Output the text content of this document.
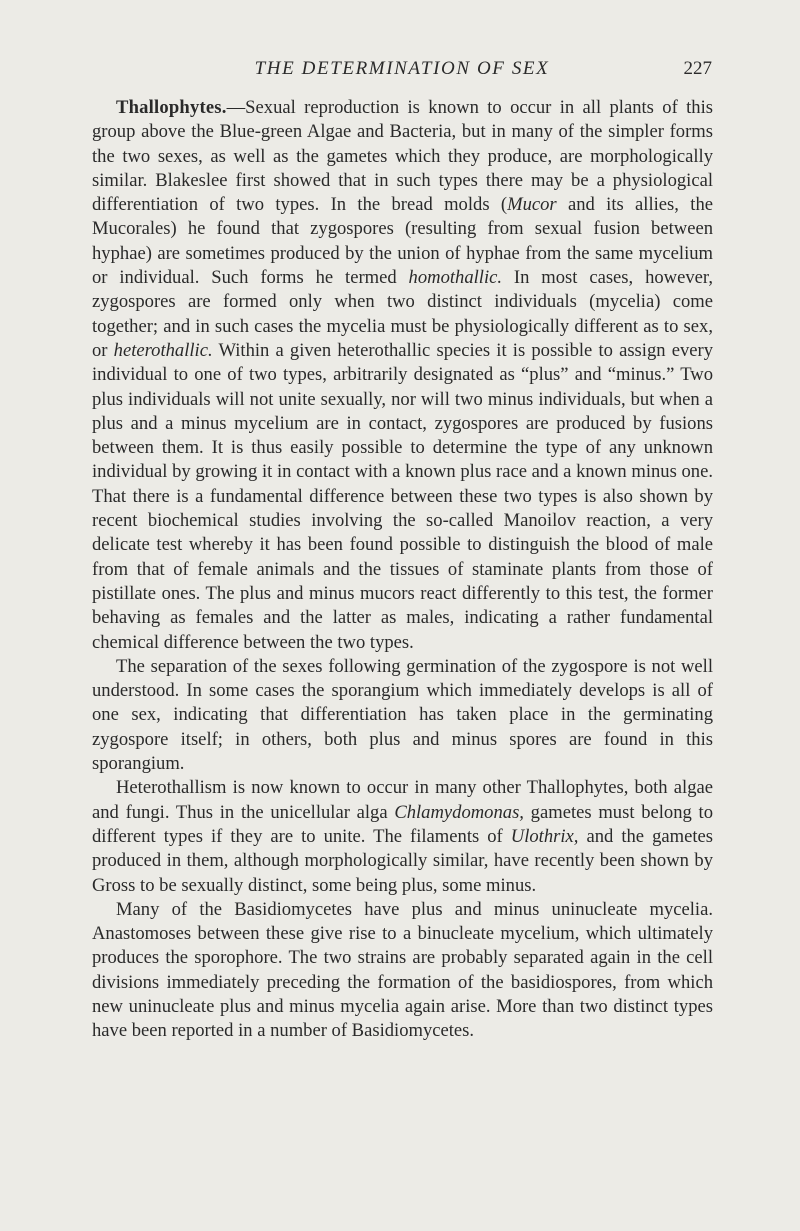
THE DETERMINATION OF SEX	227

Thallophytes.—Sexual reproduction is known to occur in all plants of this group above the Blue-green Algae and Bacteria, but in many of the simpler forms the two sexes, as well as the gametes which they produce, are morphologically similar. Blakeslee first showed that in such types there may be a physiological differentiation of two types. In the bread molds (Mucor and its allies, the Mucorales) he found that zygospores (resulting from sexual fusion between hyphae) are sometimes produced by the union of hyphae from the same mycelium or individual. Such forms he termed homothallic. In most cases, however, zygospores are formed only when two distinct individuals (mycelia) come together; and in such cases the mycelia must be physiologically different as to sex, or heterothallic. Within a given heterothallic species it is possible to assign every individual to one of two types, arbitrarily designated as “plus” and “minus.” Two plus individuals will not unite sexually, nor will two minus individuals, but when a plus and a minus mycelium are in contact, zygospores are produced by fusions between them. It is thus easily possible to determine the type of any unknown individual by growing it in contact with a known plus race and a known minus one. That there is a fundamental difference between these two types is also shown by recent biochemical studies involving the so-called Manoilov reaction, a very delicate test whereby it has been found possible to distinguish the blood of male from that of female animals and the tissues of staminate plants from those of pistillate ones. The plus and minus mucors react differently to this test, the former behaving as females and the latter as males, indicating a rather fundamental chemical difference between the two types.

The separation of the sexes following germination of the zygospore is not well understood. In some cases the sporangium which immediately develops is all of one sex, indicating that differentiation has taken place in the germinating zygospore itself; in others, both plus and minus spores are found in this sporangium.

Heterothallism is now known to occur in many other Thallophytes, both algae and fungi. Thus in the unicellular alga Chlamydomonas, gametes must belong to different types if they are to unite. The filaments of Ulothrix, and the gametes produced in them, although morphologically similar, have recently been shown by Gross to be sexually distinct, some being plus, some minus.

Many of the Basidiomycetes have plus and minus uninucleate mycelia. Anastomoses between these give rise to a binucleate mycelium, which ultimately produces the sporophore. The two strains are probably separated again in the cell divisions immediately preceding the formation of the basidiospores, from which new uninucleate plus and minus mycelia again arise. More than two distinct types have been reported in a number of Basidiomycetes.
